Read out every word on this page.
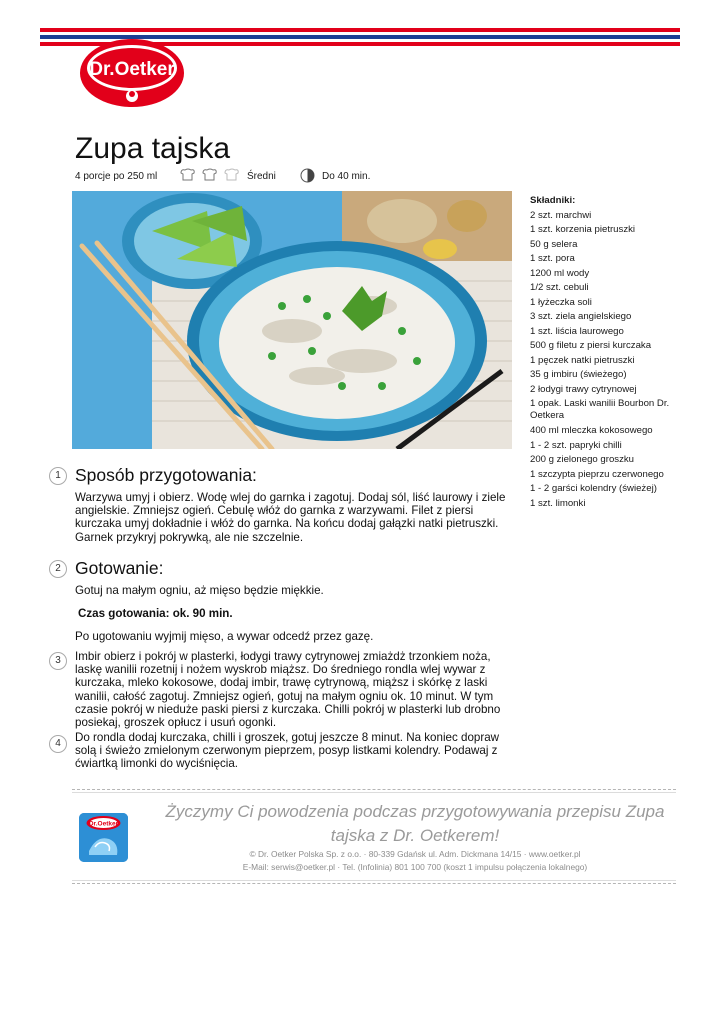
Dr.Oetker
Zupa tajska
4 porcje po 250 ml	Średni	Do 40 min.
Składniki:
2 szt. marchwi
1 szt. korzenia pietruszki
50 g selera
1 szt. pora
1200 ml wody
1/2 szt. cebuli
1 łyżeczka soli
3 szt. ziela angielskiego
1 szt. liścia laurowego
500 g filetu z piersi kurczaka
1 pęczek natki pietruszki
35 g imbiru (świeżego)
2 łodygi trawy cytrynowej
1 opak. Laski wanilii Bourbon Dr. Oetkera
400 ml mleczka kokosowego
1 - 2 szt. papryki chilli
200 g zielonego groszku
1 szczypta pieprzu czerwonego
1 - 2 garści kolendry (świeżej)
1 szt. limonki
1 Sposób przygotowania:
Warzywa umyj i obierz. Wodę wlej do garnka i zagotuj. Dodaj sól, liść laurowy i ziele angielskie. Zmniejsz ogień. Cebulę włóż do garnka z warzywami. Filet z piersi kurczaka umyj dokładnie i włóż do garnka. Na końcu dodaj gałązki natki pietruszki. Garnek przykryj pokrywką, ale nie szczelnie.
2 Gotowanie:
Gotuj na małym ogniu, aż mięso będzie miękkie.
Czas gotowania: ok. 90 min.
Po ugotowaniu wyjmij mięso, a wywar odcedź przez gazę.
3	Imbir obierz i pokrój w plasterki, łodygi trawy cytrynowej zmiażdż trzonkiem noża, laskę wanilii rozetnij i nożem wyskrob miąższ. Do średniego rondla wlej wywar z kurczaka, mleko kokosowe, dodaj imbir, trawę cytrynową, miąższ i skórkę z laski wanilii, całość zagotuj. Zmniejsz ogień, gotuj na małym ogniu ok. 10 minut. W tym czasie pokrój w nieduże paski piersi z kurczaka. Chilli pokrój w plasterki lub drobno posiekaj, groszek opłucz i usuń ogonki.
4	Do rondla dodaj kurczaka, chilli i groszek, gotuj jeszcze 8 minut. Na koniec dopraw solą i świeżo zmielonym czerwonym pieprzem, posyp listkami kolendry. Podawaj z ćwiartką limonki do wyciśnięcia.
Dr.Oetker
Życzymy Ci powodzenia podczas przygotowywania przepisu Zupa tajska z Dr. Oetkerem!
© Dr. Oetker Polska Sp. z o.o. · 80-339 Gdańsk ul. Adm. Dickmana 14/15 · www.oetker.pl
E-Mail: serwis@oetker.pl · Tel. (Infolinia) 801 100 700 (koszt 1 impulsu połączenia lokalnego)
